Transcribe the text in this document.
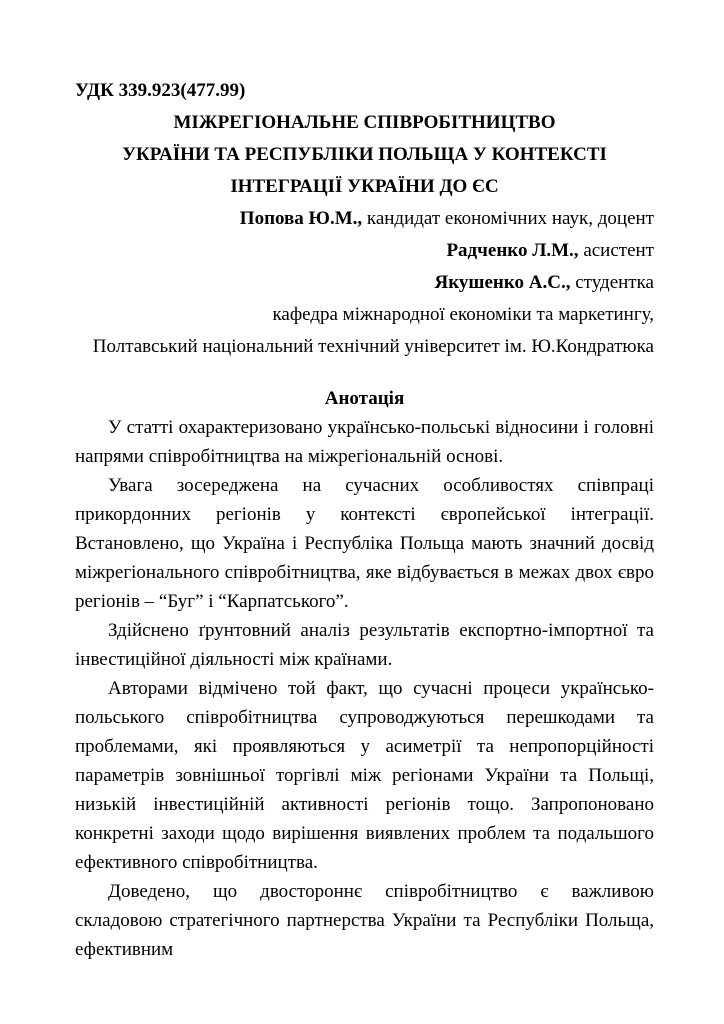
УДК 339.923(477.99)
МІЖРЕГІОНАЛЬНЕ СПІВРОБІТНИЦТВО
УКРАЇНИ ТА РЕСПУБЛІКИ ПОЛЬЩА У КОНТЕКСТІ
ІНТЕГРАЦІЇ УКРАЇНИ ДО ЄС
Попова Ю.М., кандидат економічних наук, доцент
Радченко Л.М., асистент
Якушенко А.С., студентка
кафедра міжнародної економіки та маркетингу,
Полтавський національний технічний університет ім. Ю.Кондратюка
Анотація

У статті охарактеризовано українсько-польські відносини і головні напрями співробітництва на міжрегіональній основі.

Увага зосереджена на сучасних особливостях співпраці прикордонних регіонів у контексті європейської інтеграції. Встановлено, що Україна і Республіка Польща мають значний досвід міжрегіонального співробітництва, яке відбувається в межах двох євро регіонів – “Буг” і “Карпатського”.

Здійснено ґрунтовний аналіз результатів експортно-імпортної та інвестиційної діяльності між країнами.

Авторами відмічено той факт, що сучасні процеси українсько-польського співробітництва супроводжуються перешкодами та проблемами, які проявляються у асиметрії та непропорційності параметрів зовнішньої торгівлі між регіонами України та Польщі, низькій інвестиційній активності регіонів тощо. Запропоновано конкретні заходи щодо вирішення виявлених проблем та подальшого ефективного співробітництва.

Доведено, що двостороннє співробітництво є важливою складовою стратегічного партнерства України та Республіки Польща, ефективним
